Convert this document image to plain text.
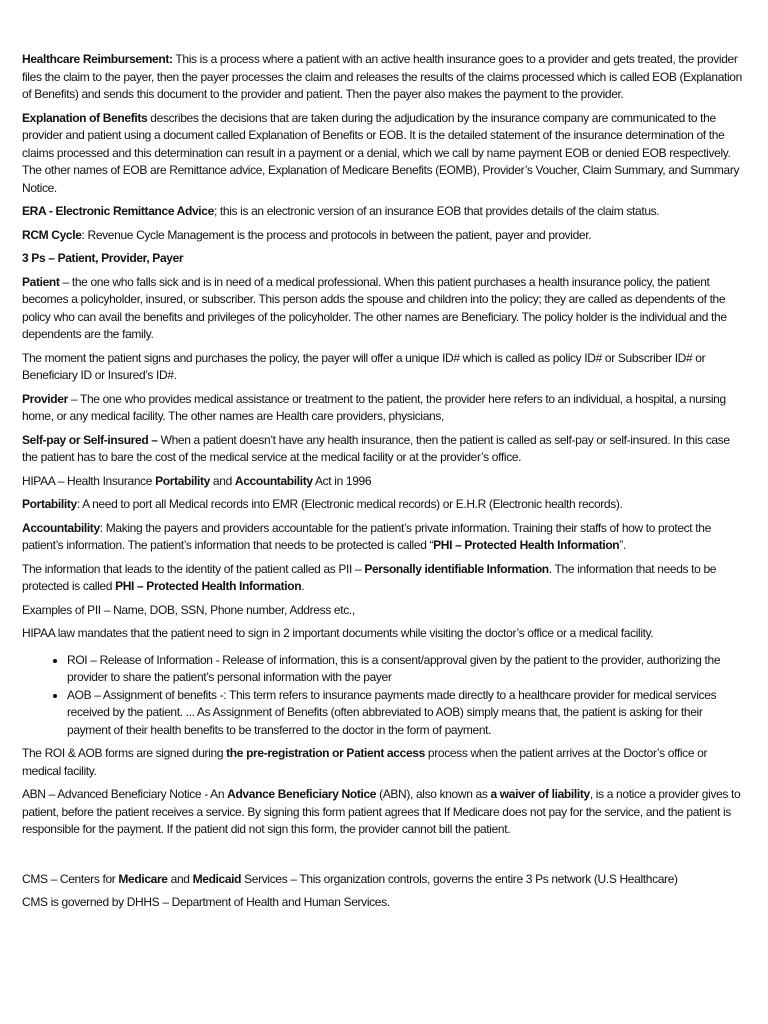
Healthcare Reimbursement: This is a process where a patient with an active health insurance goes to a provider and gets treated, the provider files the claim to the payer, then the payer processes the claim and releases the results of the claims processed which is called EOB (Explanation of Benefits) and sends this document to the provider and patient. Then the payer also makes the payment to the provider.

Explanation of Benefits describes the decisions that are taken during the adjudication by the insurance company are communicated to the provider and patient using a document called Explanation of Benefits or EOB. It is the detailed statement of the insurance determination of the claims processed and this determination can result in a payment or a denial, which we call by name payment EOB or denied EOB respectively. The other names of EOB are Remittance advice, Explanation of Medicare Benefits (EOMB), Provider’s Voucher, Claim Summary, and Summary Notice.

ERA - Electronic Remittance Advice; this is an electronic version of an insurance EOB that provides details of the claim status.

RCM Cycle: Revenue Cycle Management is the process and protocols in between the patient, payer and provider.

3 Ps – Patient, Provider, Payer

Patient – the one who falls sick and is in need of a medical professional. When this patient purchases a health insurance policy, the patient becomes a policyholder, insured, or subscriber. This person adds the spouse and children into the policy; they are called as dependents of the policy who can avail the benefits and privileges of the policyholder. The other names are Beneficiary. The policy holder is the individual and the dependents are the family.

The moment the patient signs and purchases the policy, the payer will offer a unique ID# which is called as policy ID# or Subscriber ID# or Beneficiary ID or Insured’s ID#.

Provider – The one who provides medical assistance or treatment to the patient, the provider here refers to an individual, a hospital, a nursing home, or any medical facility. The other names are Health care providers, physicians,

Self-pay or Self-insured – When a patient doesn’t have any health insurance, then the patient is called as self-pay or self-insured. In this case the patient has to bare the cost of the medical service at the medical facility or at the provider’s office.

HIPAA – Health Insurance Portability and Accountability Act in 1996

Portability: A need to port all Medical records into EMR (Electronic medical records) or E.H.R (Electronic health records).

Accountability: Making the payers and providers accountable for the patient’s private information. Training their staffs of how to protect the patient’s information. The patient’s information that needs to be protected is called “PHI – Protected Health Information”.

The information that leads to the identity of the patient called as PII – Personally identifiable Information. The information that needs to be protected is called PHI – Protected Health Information.

Examples of PII – Name, DOB, SSN, Phone number, Address etc.,

HIPAA law mandates that the patient need to sign in 2 important documents while visiting the doctor’s office or a medical facility.

• ROI – Release of Information - Release of information, this is a consent/approval given by the patient to the provider, authorizing the provider to share the patient’s personal information with the payer
• AOB – Assignment of benefits -: This term refers to insurance payments made directly to a healthcare provider for medical services received by the patient. ... As Assignment of Benefits (often abbreviated to AOB) simply means that, the patient is asking for their payment of their health benefits to be transferred to the doctor in the form of payment.

The ROI & AOB forms are signed during the pre-registration or Patient access process when the patient arrives at the Doctor’s office or medical facility.

ABN – Advanced Beneficiary Notice - An Advance Beneficiary Notice (ABN), also known as a waiver of liability, is a notice a provider gives to patient, before the patient receives a service. By signing this form patient agrees that If Medicare does not pay for the service, and the patient is responsible for the payment. If the patient did not sign this form, the provider cannot bill the patient.

CMS – Centers for Medicare and Medicaid Services – This organization controls, governs the entire 3 Ps network (U.S Healthcare)

CMS is governed by DHHS – Department of Health and Human Services.
